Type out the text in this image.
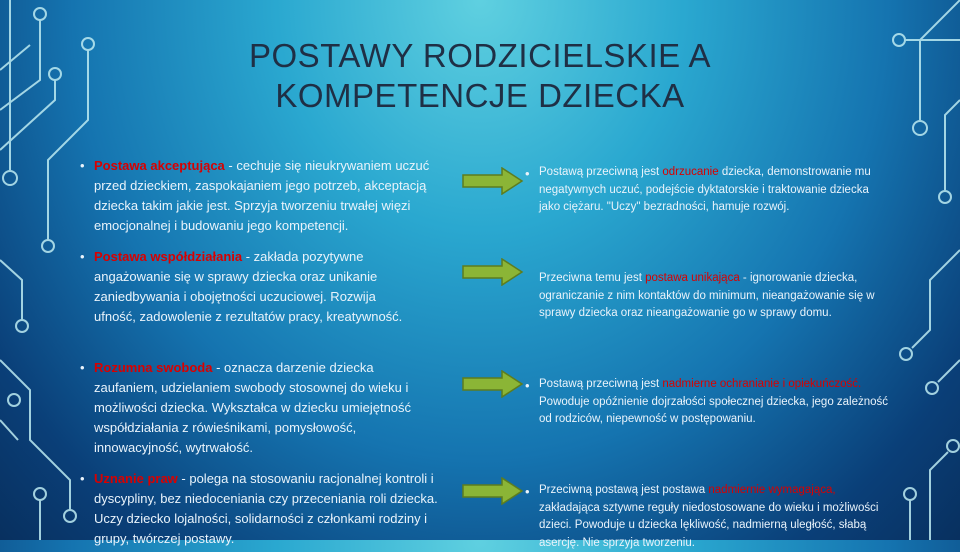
POSTAWY RODZICIELSKIE A
KOMPETENCJE DZIECKA
• Postawa akceptująca - cechuje się nieukrywaniem uczuć przed dzieckiem, zaspokajaniem jego potrzeb, akceptacją dziecka takim jakie jest. Sprzyja tworzeniu trwałej więzi emocjonalnej i budowaniu jego kompetencji.
• Postawa współdziałania - zakłada pozytywne angażowanie się w sprawy dziecka oraz unikanie zaniedbywania i obojętności uczuciowej. Rozwija ufność, zadowolenie z rezultatów pracy, kreatywność.
• Rozumna swoboda - oznacza darzenie dziecka zaufaniem, udzielaniem swobody stosownej do wieku i możliwości dziecka. Wykształca w dziecku umiejętność współdziałania z rówieśnikami, pomysłowość, innowacyjność, wytrwałość.
• Uznanie praw - polega na stosowaniu racjonalnej kontroli i dyscypliny, bez niedoceniania czy przeceniania roli dziecka. Uczy dziecko lojalności, solidarności z członkami rodziny i grupy, twórczej postawy.
• Postawą przeciwną jest odrzucanie dziecka, demonstrowanie mu negatywnych uczuć, podejście dyktatorskie i traktowanie dziecka jako ciężaru. "Uczy" bezradności, hamuje rozwój.
Przeciwna temu jest postawa unikająca - ignorowanie dziecka, ograniczanie z nim kontaktów do minimum, nieangażowanie się w sprawy dziecka oraz nieangażowanie go w sprawy domu.
• Postawą przeciwną jest nadmierne ochranianie i opiekuńczość. Powoduje opóźnienie dojrzałości społecznej dziecka, jego zależność od rodziców, niepewność w postępowaniu.
• Przeciwną postawą jest postawa nadmiernie wymagająca, zakładająca sztywne reguły niedostosowane do wieku i możliwości dzieci. Powoduje u dziecka lękliwość, nadmierną uległość, słabą asercję. Nie sprzyja tworzeniu.
